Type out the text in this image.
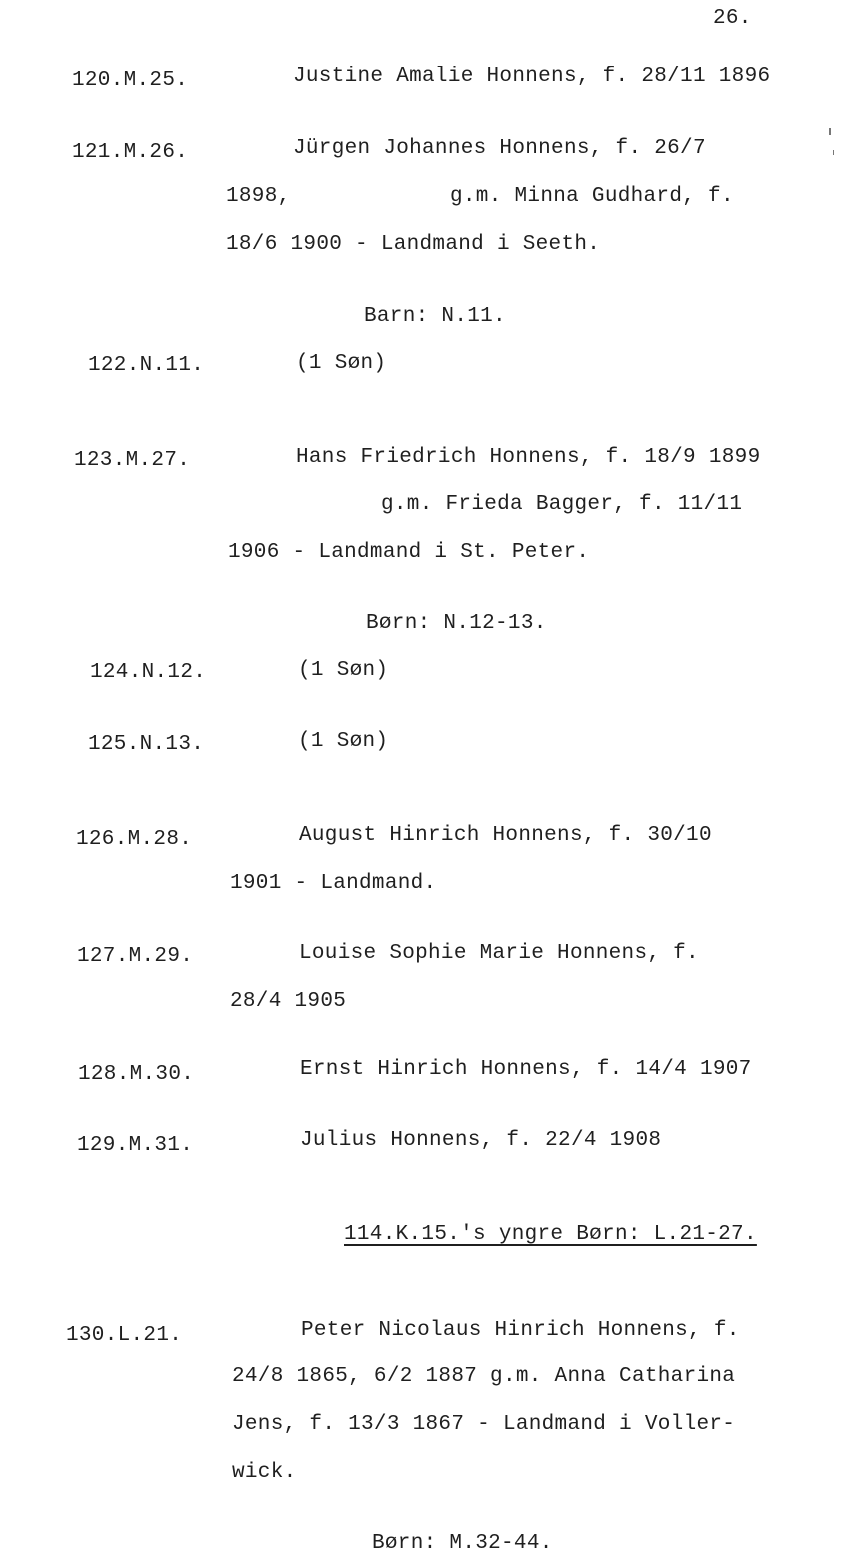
26.
120.M.25.	Justine Amalie Honnens, f. 28/11 1896
121.M.26.	Jürgen Johannes Honnens, f. 26/7
1898,	g.m. Minna Gudhard, f.
18/6 1900 - Landmand i Seeth.
Barn: N.11.
122.N.11.	(1 Søn)
123.M.27.	Hans Friedrich Honnens, f. 18/9 1899
g.m. Frieda Bagger, f. 11/11
1906 - Landmand i St. Peter.
Børn: N.12-13.
124.N.12.	(1 Søn)
125.N.13.	(1 Søn)
126.M.28.	August Hinrich Honnens, f. 30/10
1901 - Landmand.
127.M.29.	Louise Sophie Marie Honnens, f.
28/4 1905
128.M.30.	Ernst Hinrich Honnens, f. 14/4 1907
129.M.31.	Julius Honnens, f. 22/4 1908
114.K.15.'s yngre Børn: L.21-27.
130.L.21.	Peter Nicolaus Hinrich Honnens, f.
24/8 1865, 6/2 1887 g.m. Anna Catharina
Jens, f. 13/3 1867 - Landmand i Voller-
wick.
Børn: M.32-44.
